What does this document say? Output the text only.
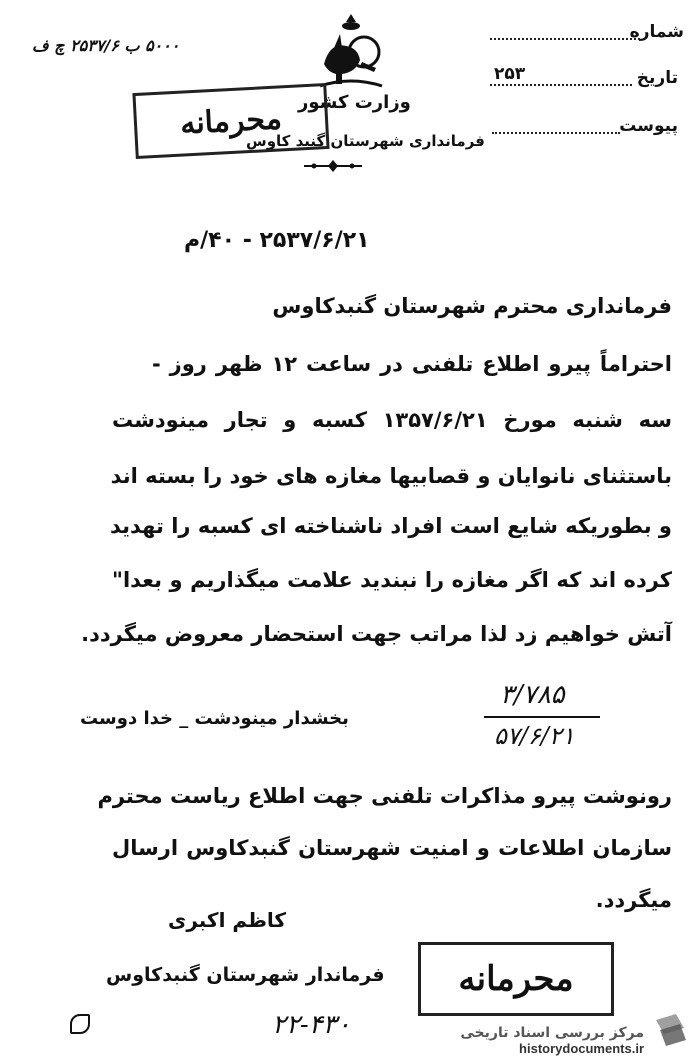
۵۰۰۰ ب ۲۵۳۷/۶ چ ف
وزارت کشور
فرمانداری شهرستان گنبد کاوس
شماره
تاریخ
۲۵۳
پیوست
محرمانه
۲۵۳۷/۶/۲۱ - ۴۰/م
فرمانداری محترم شهرستان گنبدکاوس
احتراماً پیرو اطلاع تلفنی در ساعت ۱۲ ظهر روز -
سه شنبه مورخ ۱۳۵۷/۶/۲۱ کسبه و تجار مینودشت
باستثنای نانوایان و قصابیها مغازه های خود را بسته اند
و بطوریکه شایع است افراد ناشناخته ای کسبه را تهدید
کرده اند که اگر مغازه را نبندید علامت میگذاریم و بعدا"
آتش خواهیم زد لذا مراتب جهت استحضار معروض میگردد.
بخشدار مینودشت _ خدا دوست
۳/۷۸۵
۵۷/۶/۲۱
رونوشت پیرو مذاکرات تلفنی جهت اطلاع ریاست محترم
سازمان اطلاعات و امنیت شهرستان گنبدکاوس ارسال
میگردد.
کاظم اکبری
فرماندار شهرستان گنبدکاوس محرمانه
۲۲-۴۳۰	مرکز بررسی اسناد تاریخی
historydocuments.ir
